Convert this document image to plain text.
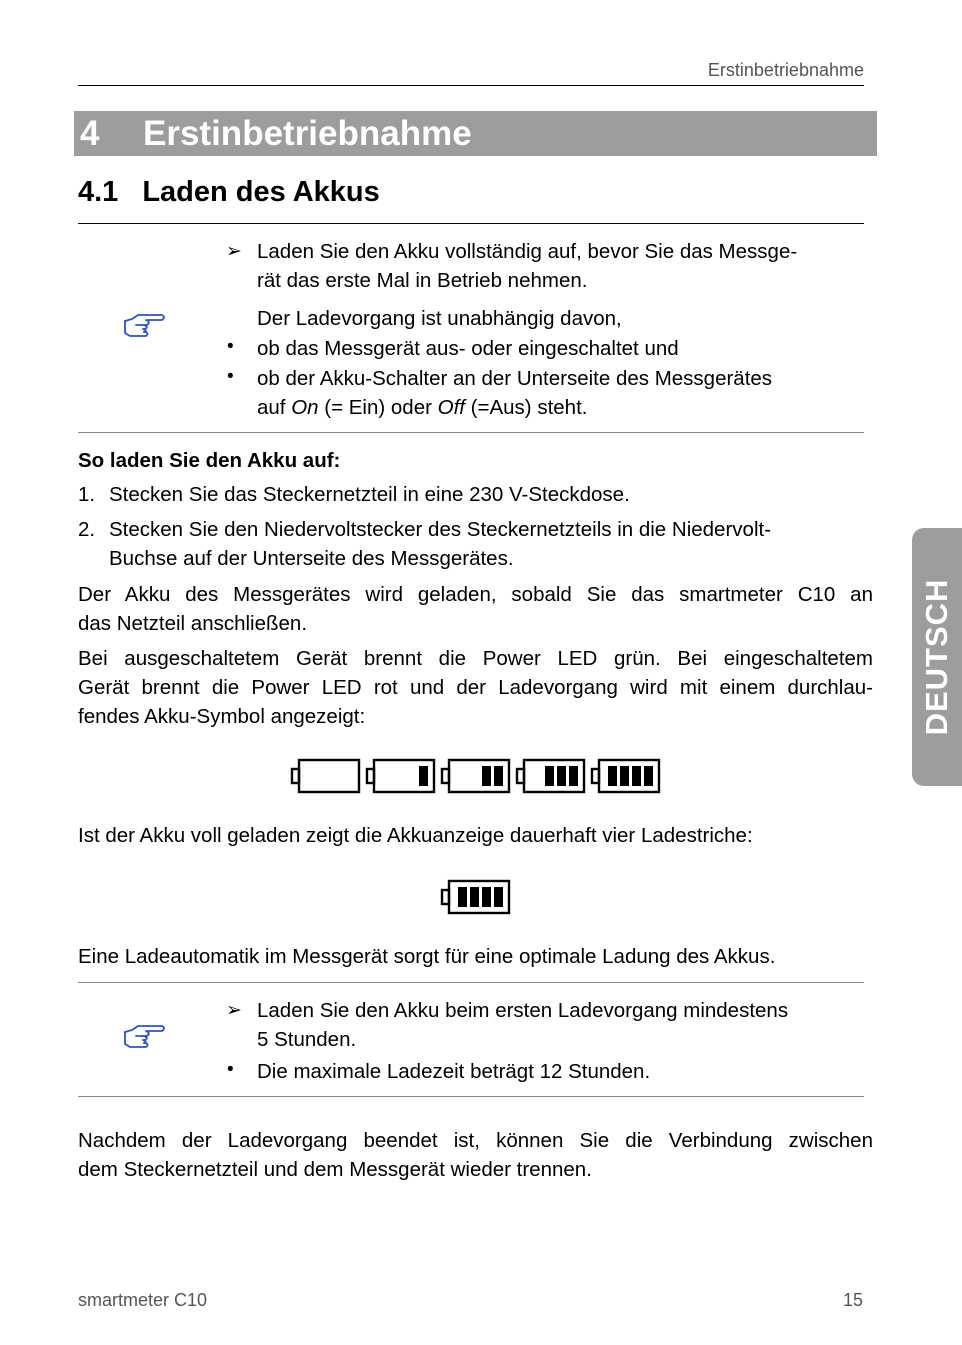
Erstinbetriebnahme
4 Erstinbetriebnahme
4.1 Laden des Akkus
➢ Laden Sie den Akku vollständig auf, bevor Sie das Messge-
rät das erste Mal in Betrieb nehmen.
Der Ladevorgang ist unabhängig davon,
• ob das Messgerät aus- oder eingeschaltet und
• ob der Akku-Schalter an der Unterseite des Messgerätes
auf On (= Ein) oder Off (=Aus) steht.
So laden Sie den Akku auf:
1. Stecken Sie das Steckernetzteil in eine 230 V-Steckdose.
2. Stecken Sie den Niedervoltstecker des Steckernetzteils in die Niedervolt-
Buchse auf der Unterseite des Messgerätes.
Der Akku des Messgerätes wird geladen, sobald Sie das smartmeter C10 an
das Netzteil anschließen.
Bei ausgeschaltetem Gerät brennt die Power LED grün. Bei eingeschaltetem
Gerät brennt die Power LED rot und der Ladevorgang wird mit einem durchlau-
fendes Akku-Symbol angezeigt:
Ist der Akku voll geladen zeigt die Akkuanzeige dauerhaft vier Ladestriche:
Eine Ladeautomatik im Messgerät sorgt für eine optimale Ladung des Akkus.
➢ Laden Sie den Akku beim ersten Ladevorgang mindestens
5 Stunden.
• Die maximale Ladezeit beträgt 12 Stunden.
Nachdem der Ladevorgang beendet ist, können Sie die Verbindung zwischen
dem Steckernetzteil und dem Messgerät wieder trennen.
DEUTSCH
smartmeter C10	15
